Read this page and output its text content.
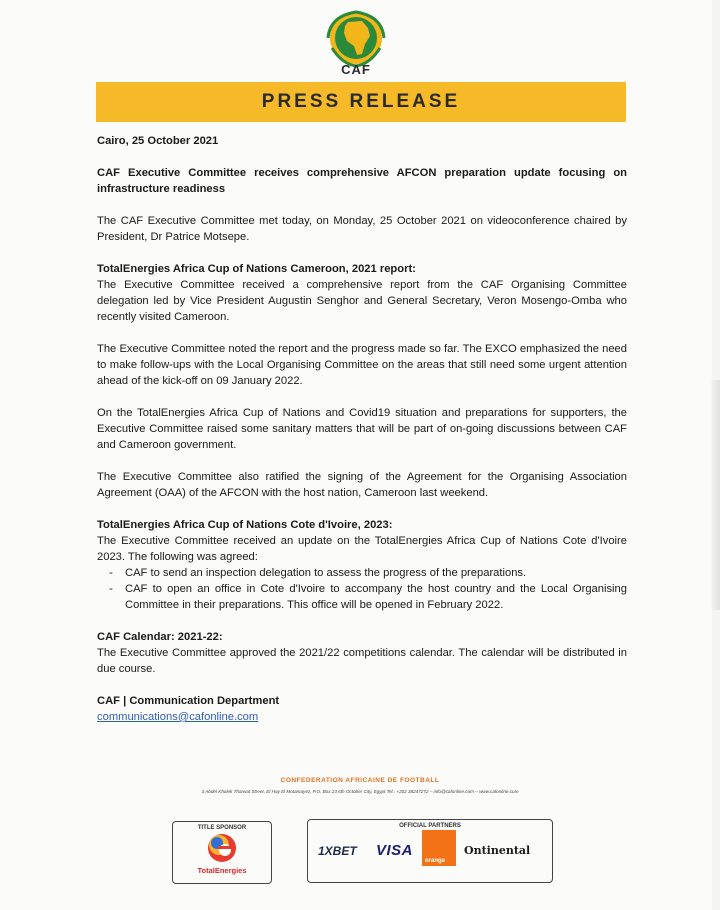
CAF
PRESS RELEASE

Cairo, 25 October 2021

CAF Executive Committee receives comprehensive AFCON preparation update focusing on infrastructure readiness

The CAF Executive Committee met today, on Monday, 25 October 2021 on videoconference chaired by President, Dr Patrice Motsepe.

TotalEnergies Africa Cup of Nations Cameroon, 2021 report:

The Executive Committee received a comprehensive report from the CAF Organising Committee delegation led by Vice President Augustin Senghor and General Secretary, Veron Mosengo-Omba who recently visited Cameroon.

The Executive Committee noted the report and the progress made so far. The EXCO emphasized the need to make follow-ups with the Local Organising Committee on the areas that still need some urgent attention ahead of the kick-off on 09 January 2022.

On the TotalEnergies Africa Cup of Nations and Covid19 situation and preparations for supporters, the Executive Committee raised some sanitary matters that will be part of on-going discussions between CAF and Cameroon government.

The Executive Committee also ratified the signing of the Agreement for the Organising Association Agreement (OAA) of the AFCON with the host nation, Cameroon last weekend.

TotalEnergies Africa Cup of Nations Cote d'Ivoire, 2023:

The Executive Committee received an update on the TotalEnergies Africa Cup of Nations Cote d'Ivoire 2023. The following was agreed:

-	CAF to send an inspection delegation to assess the progress of the preparations.
-	CAF to open an office in Cote d'Ivoire to accompany the host country and the Local Organising Committee in their preparations. This office will be opened in February 2022.

CAF Calendar: 2021-22:

The Executive Committee approved the 2021/22 competitions calendar. The calendar will be distributed in due course.

CAF | Communication Department
communications@cafonline.com
CONFEDERATION AFRICAINE DE FOOTBALL
3 Abdel Khalek Tharwat Street, El Hay El Motamayez, P.O. Box 23 6th October City, Egypt Tel.: +202 38247272 – info@cafonline.com – www.cafonline.com
TITLE SPONSOR
TotalEnergies
OFFICIAL PARTNERS
1XBET VISA
orange
Ontinental
